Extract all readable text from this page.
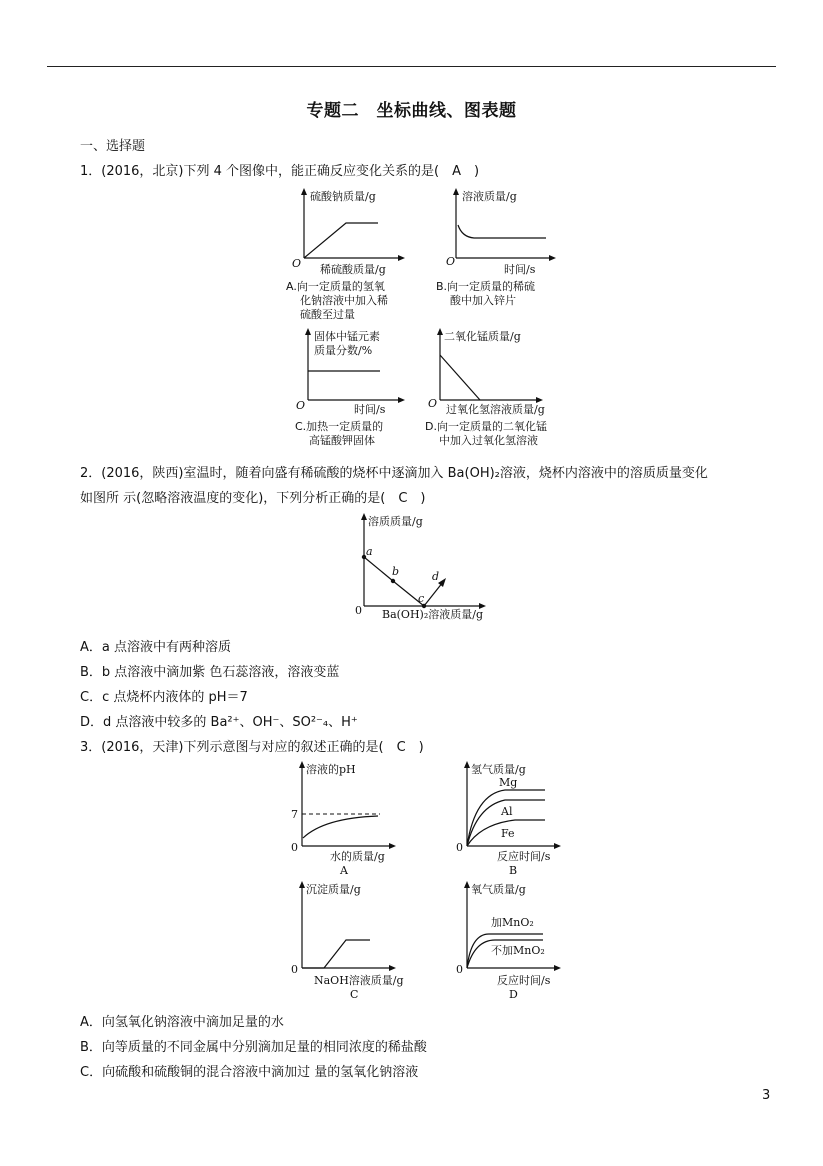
专题二　坐标曲线、图表题
一、选择题
1．(2016，北京)下列 4 个图像中，能正确反应变化关系的是(　A　)
硫酸钠质量/g
O 稀硫酸质量/g
A.向一定质量的氢氧
化钠溶液中加入稀
硫酸至过量
溶液质量/g
O
时间/s
B.向一定质量的稀硫
酸中加入锌片
固体中锰元素
质量分数/%
O	时间/s
C.加热一定质量的
高锰酸钾固体
二氧化锰质量/g
O 过氧化氢溶液质量/g
D.向一定质量的二氧化锰
中加入过氧化氢溶液
2．(2016，陕西)室温时，随着向盛有稀硫酸的烧杯中逐滴加入 Ba(OH)₂溶液，烧杯内溶液中的溶质质量变化
如图所 示(忽略溶液温度的变化)，下列分析正确的是(　C　)
溶质质量/g
a
b
c
d
0 Ba(OH)₂溶液质量/g
A．a 点溶液中有两种溶质
B．b 点溶液中滴加紫 色石蕊溶液，溶液变蓝
C．c 点烧杯内液体的 pH＝7
D．d 点溶液中较多的 Ba²⁺、OH⁻、SO²⁻₄、H⁺
3．(2016，天津)下列示意图与对应的叙述正确的是(　C　)
溶液的pH
7
0
水的质量/g
A
氢气质量/g
Mg
Al
Fe
0
反应时间/s
B
沉淀质量/g
0
NaOH溶液质量/g
C
氧气质量/g
加MnO₂
不加MnO₂
0
反应时间/s
D
A．向氢氧化钠溶液中滴加足量的水
B．向等质量的不同金属中分别滴加足量的相同浓度的稀盐酸
C．向硫酸和硫酸铜的混合溶液中滴加过 量的氢氧化钠溶液
3
